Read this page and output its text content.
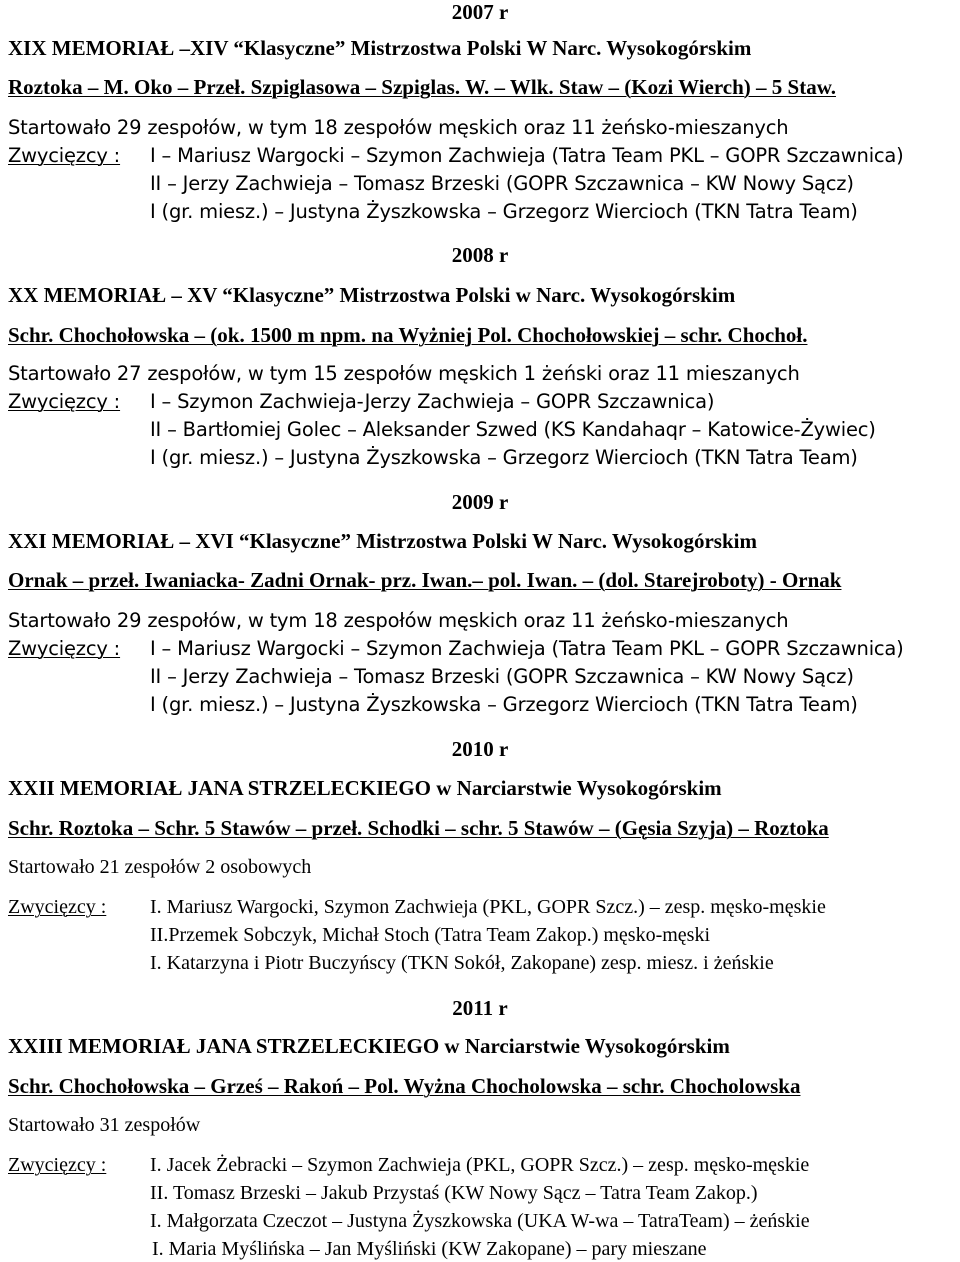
2007 r
XIX MEMORIAŁ –XIV “Klasyczne” Mistrzostwa Polski W Narc. Wysokogórskim
Roztoka – M. Oko – Przeł. Szpiglasowa – Szpiglas. W. – Wlk. Staw – (Kozi Wierch) – 5 Staw.
Startowało 29 zespołów, w tym 18 zespołów męskich oraz 11 żeńsko-mieszanych
Zwycięzcy : I – Mariusz Wargocki – Szymon Zachwieja (Tatra Team PKL – GOPR Szczawnica)
II – Jerzy Zachwieja – Tomasz Brzeski (GOPR Szczawnica – KW Nowy Sącz)
I (gr. miesz.) – Justyna Żyszkowska – Grzegorz Wiercioch (TKN Tatra Team)
2008 r
XX MEMORIAŁ – XV “Klasyczne” Mistrzostwa Polski w Narc. Wysokogórskim
Schr. Chochołowska – (ok. 1500 m npm. na Wyżniej Pol. Chochołowskiej – schr. Chochoł.
Startowało 27 zespołów, w tym 15 zespołów męskich 1 żeński oraz 11 mieszanych
Zwycięzcy : I – Szymon Zachwieja-Jerzy Zachwieja – GOPR Szczawnica)
II – Bartłomiej Golec – Aleksander Szwed (KS Kandahaqr – Katowice-Żywiec)
I (gr. miesz.) – Justyna Żyszkowska – Grzegorz Wiercioch (TKN Tatra Team)
2009 r
XXI MEMORIAŁ – XVI “Klasyczne” Mistrzostwa Polski W Narc. Wysokogórskim
Ornak – przeł. Iwaniacka- Zadni Ornak- prz. Iwan.– pol. Iwan. – (dol. Starejroboty) - Ornak
Startowało 29 zespołów, w tym 18 zespołów męskich oraz 11 żeńsko-mieszanych
Zwycięzcy : I – Mariusz Wargocki – Szymon Zachwieja (Tatra Team PKL – GOPR Szczawnica)
II – Jerzy Zachwieja – Tomasz Brzeski (GOPR Szczawnica – KW Nowy Sącz)
I (gr. miesz.) – Justyna Żyszkowska – Grzegorz Wiercioch (TKN Tatra Team)
2010 r
XXII MEMORIAŁ JANA STRZELECKIEGO w Narciarstwie Wysokogórskim
Schr. Roztoka – Schr. 5 Stawów – przeł. Schodki – schr. 5 Stawów – (Gęsia Szyja) – Roztoka
Startowało 21 zespołów 2 osobowych
Zwycięzcy : I. Mariusz Wargocki, Szymon Zachwieja (PKL, GOPR Szcz.) – zesp. męsko-męskie
II.Przemek Sobczyk, Michał Stoch (Tatra Team Zakop.) męsko-męski
I. Katarzyna i Piotr Buczyńscy (TKN Sokół, Zakopane) zesp. miesz. i żeńskie
2011 r
XXIII MEMORIAŁ JANA STRZELECKIEGO w Narciarstwie Wysokogórskim
Schr. Chochołowska – Grześ – Rakoń – Pol. Wyżna Chocholowska – schr. Chocholowska
Startowało 31 zespołów
Zwycięzcy : I. Jacek Żebracki – Szymon Zachwieja (PKL, GOPR Szcz.) – zesp. męsko-męskie
II. Tomasz Brzeski – Jakub Przystaś (KW Nowy Sącz – Tatra Team Zakop.)
I. Małgorzata Czeczot – Justyna Żyszkowska (UKA W-wa – TatraTeam) – żeńskie
I. Maria Myślińska – Jan Myśliński (KW Zakopane) – pary mieszane
